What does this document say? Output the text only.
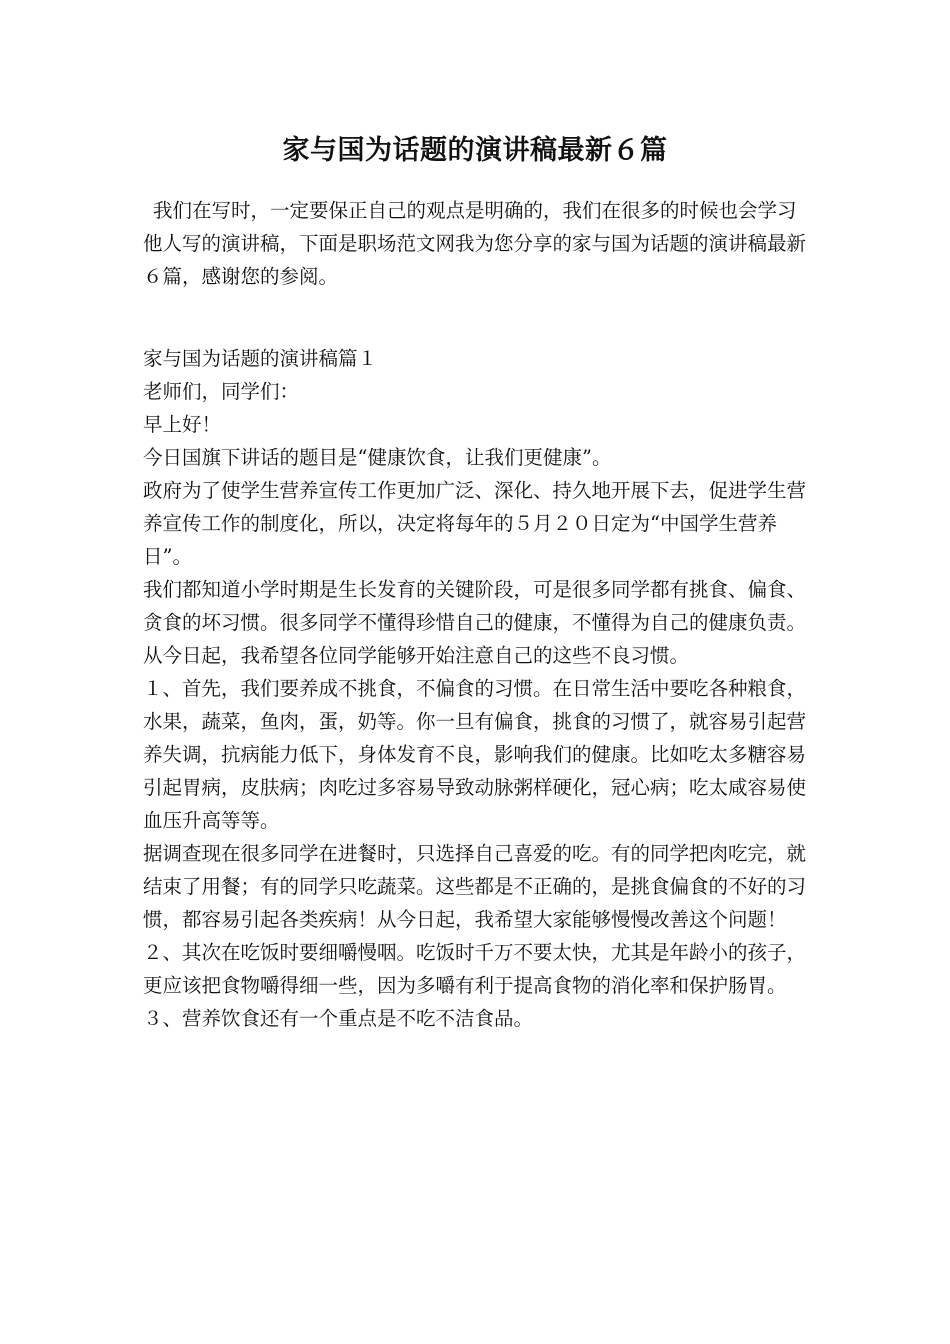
家与国为话题的演讲稿最新６篇
我们在写时，一定要保正自己的观点是明确的，我们在很多的时候也会学习他人写的演讲稿，下面是职场范文网我为您分享的家与国为话题的演讲稿最新６篇，感谢您的参阅。

家与国为话题的演讲稿篇１

老师们，同学们：

早上好！

今日国旗下讲话的题目是“健康饮食，让我们更健康”。

政府为了使学生营养宣传工作更加广泛、深化、持久地开展下去，促进学生营养宣传工作的制度化，所以，决定将每年的５月２０日定为“中国学生营养日”。

我们都知道小学时期是生长发育的关键阶段，可是很多同学都有挑食、偏食、贪食的坏习惯。很多同学不懂得珍惜自己的健康，不懂得为自己的健康负责。从今日起，我希望各位同学能够开始注意自己的这些不良习惯。

１、首先，我们要养成不挑食，不偏食的习惯。在日常生活中要吃各种粮食，水果，蔬菜，鱼肉，蛋，奶等。你一旦有偏食，挑食的习惯了，就容易引起营养失调，抗病能力低下，身体发育不良，影响我们的健康。比如吃太多糖容易引起胃病，皮肤病；肉吃过多容易导致动脉粥样硬化，冠心病；吃太咸容易使血压升高等等。

据调查现在很多同学在进餐时，只选择自己喜爱的吃。有的同学把肉吃完，就结束了用餐；有的同学只吃蔬菜。这些都是不正确的，是挑食偏食的不好的习惯，都容易引起各类疾病！从今日起，我希望大家能够慢慢改善这个问题！

２、其次在吃饭时要细嚼慢咽。吃饭时千万不要太快，尤其是年龄小的孩子，更应该把食物嚼得细一些，因为多嚼有利于提高食物的消化率和保护肠胃。

３、营养饮食还有一个重点是不吃不洁食品。
